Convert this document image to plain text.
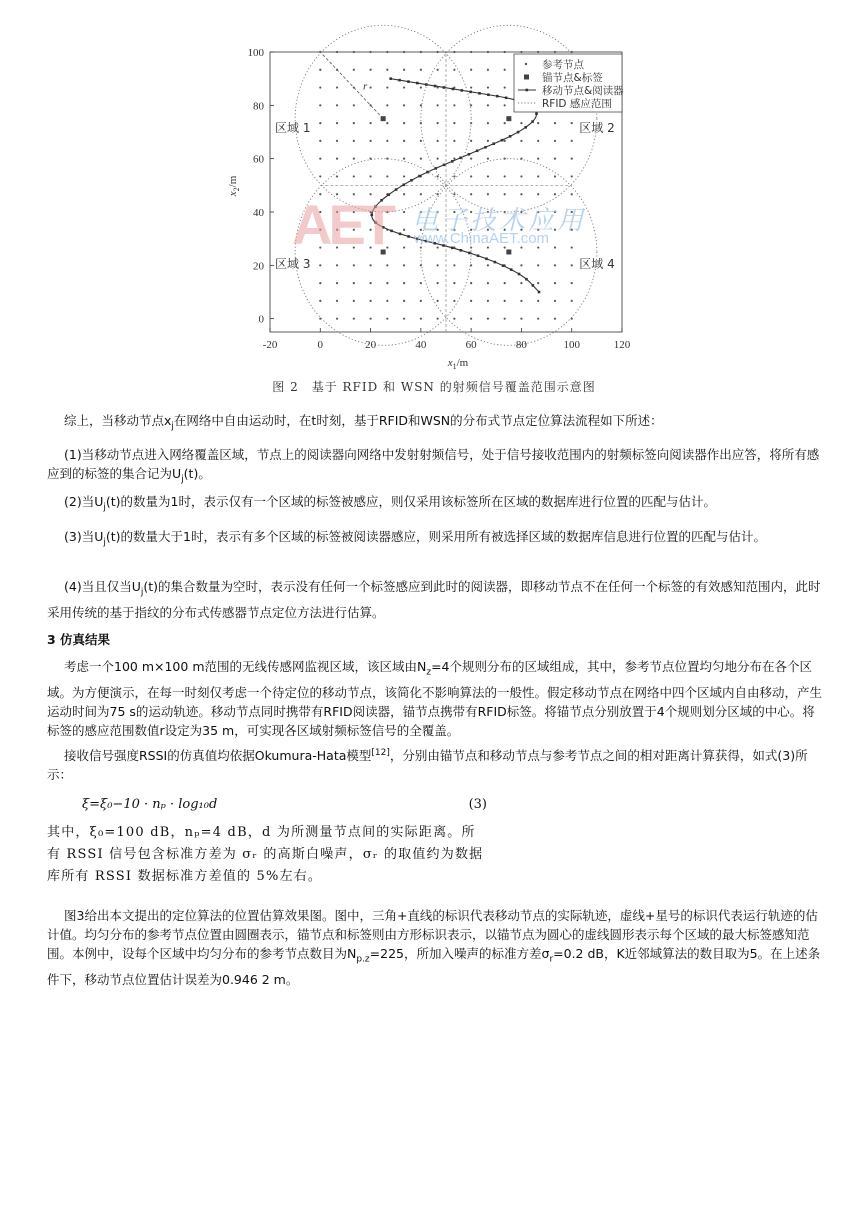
r
区域 1	区域 2
区域 3	区域 4
参考节点
锚节点&标签
移动节点&阅读器
RFID 感应范围
-20	0	20	40	60	80	100	120
0
20
40
60
80
100
$x_1/m$
$x_2/m$
图 2　基于 RFID 和 WSN 的射频信号覆盖范围示意图
AET 电子技术应用
www.ChinaAET.com

综上，当移动节点$x_j$在网络中自由运动时，在t时刻，基于RFID和WSN的分布式节点定位算法流程如下所述：

(1)当移动节点进入网络覆盖区域，节点上的阅读器向网络中发射射频信号，处于信号接收范围内的射频标签向阅读器作出应答，将所有感应到的标签的集合记为$U_j(t)$。

(2)当$U_j(t)$的数量为1时，表示仅有一个区域的标签被感应，则仅采用该标签所在区域的数据库进行位置的匹配与估计。

(3)当$U_j(t)$的数量大于1时，表示有多个区域的标签被阅读器感应，则采用所有被选择区域的数据库信息进行位置的匹配与估计。

(4)当且仅当$U_j(t)$的集合数量为空时，表示没有任何一个标签感应到此时的阅读器，即移动节点不在任何一个标签的有效感知范围内，此时采用传统的基于指纹的分布式传感器节点定位方法进行估算。

3 仿真结果

考虑一个100 m×100 m范围的无线传感网监视区域，该区域由$N_z=4$个规则分布的区域组成，其中，参考节点位置均匀地分布在各个区域。为方便演示，在每一时刻仅考虑一个待定位的移动节点，该简化不影响算法的一般性。假定移动节点在网络中四个区域内自由移动，产生运动时间为75 s的运动轨迹。移动节点同时携带有RFID阅读器，锚节点携带有RFID标签。将锚节点分别放置于4个规则划分区域的中心。将标签的感应范围数值r设定为35 m，可实现各区域射频标签信号的全覆盖。

接收信号强度RSSI的仿真值均依据Okumura-Hata模型[12]，分别由锚节点和移动节点与参考节点之间的相对距离计算获得，如式(3)所示：

ξ=ξ₀−10 · nₚ · log₁₀d	(3)

其中，ξ₀=100 dB，nₚ=4 dB，d 为所测量节点间的实际距离。所有 RSSI 信号包含标准方差为 σᵣ 的高斯白噪声，σᵣ 的取值约为数据库所有 RSSI 数据标准方差值的 5%左右。

图3给出本文提出的定位算法的位置估算效果图。图中，三角+直线的标识代表移动节点的实际轨迹，虚线+星号的标识代表运行轨迹的估计值。均匀分布的参考节点位置由圆圈表示，锚节点和标签则由方形标识表示，以锚节点为圆心的虚线圆形表示每个区域的最大标签感知范围。本例中，设每个区域中均匀分布的参考节点数目为$N_{p.z}=225$，所加入噪声的标准方差$\sigma_r=0.2$ dB，K近邻域算法的数目取为5。在上述条件下，移动节点位置估计误差为0.946 2 m。
